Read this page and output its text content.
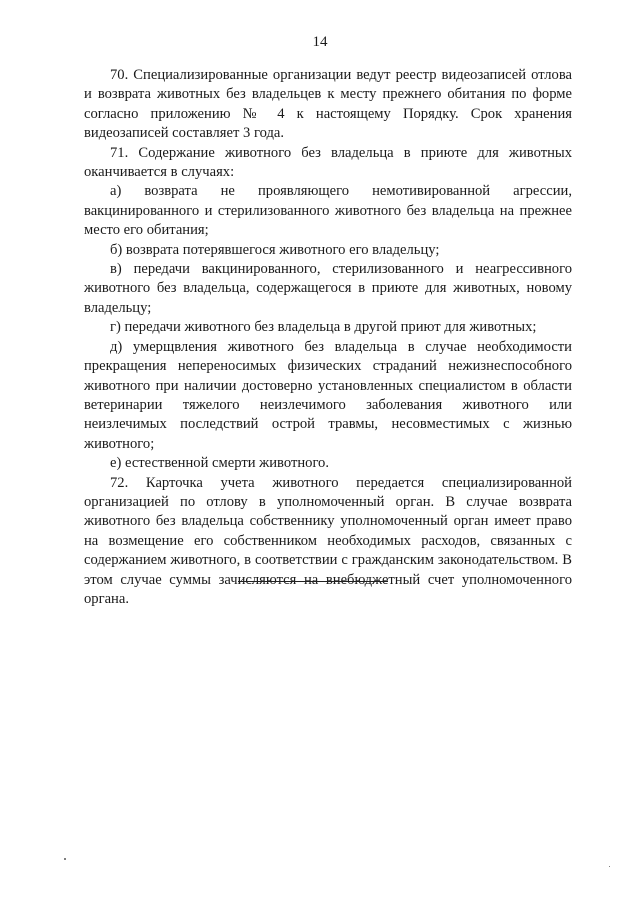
14

70. Специализированные организации ведут реестр видеозаписей отлова и возврата животных без владельцев к месту прежнего обитания по форме согласно приложению № 4 к настоящему Порядку. Срок хранения видеозаписей составляет 3 года.

71. Содержание животного без владельца в приюте для животных оканчивается в случаях:

а) возврата не проявляющего немотивированной агрессии, вакцинированного и стерилизованного животного без владельца на прежнее место его обитания;

б) возврата потерявшегося животного его владельцу;

в) передачи вакцинированного, стерилизованного и неагрессивного животного без владельца, содержащегося в приюте для животных, новому владельцу;

г) передачи животного без владельца в другой приют для животных;

д) умерщвления животного без владельца в случае необходимости прекращения непереносимых физических страданий нежизнеспособного животного при наличии достоверно установленных специалистом в области ветеринарии тяжелого неизлечимого заболевания животного или неизлечимых последствий острой травмы, несовместимых с жизнью животного;

е) естественной смерти животного.

72. Карточка учета животного передается специализированной организацией по отлову в уполномоченный орган. В случае возврата животного без владельца собственнику уполномоченный орган имеет право на возмещение его собственником необходимых расходов, связанных с содержанием животного, в соответствии с гражданским законодательством. В этом случае суммы зачисляются на внебюджетный счет уполномоченного органа.
